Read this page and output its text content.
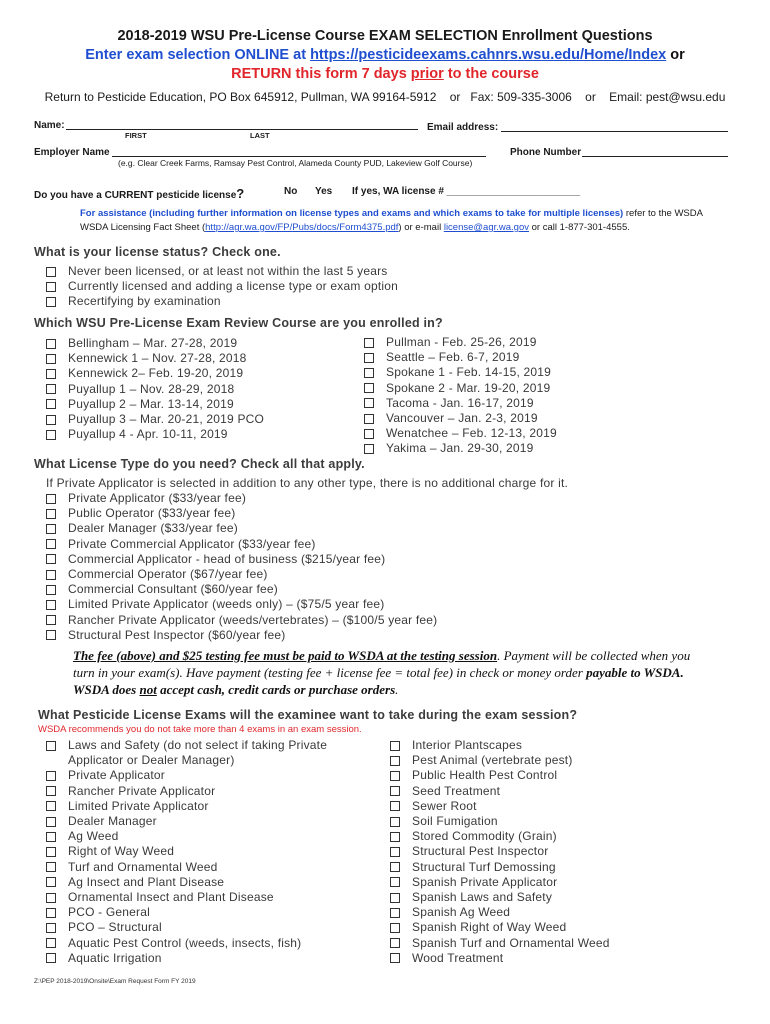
2018-2019 WSU Pre-License Course EXAM SELECTION Enrollment Questions
Enter exam selection ONLINE at https://pesticideexams.cahnrs.wsu.edu/Home/Index or
RETURN this form 7 days prior to the course
Return to Pesticide Education, PO Box 645912, Pullman, WA 99164-5912    or   Fax: 509-335-3006    or    Email: pest@wsu.edu
Name:
FIRST	LAST
Email address:
Employer Name	Phone Number
(e.g. Clear Creek Farms, Ramsay Pest Control, Alameda County PUD, Lakeview Golf Course)
Do you have a CURRENT pesticide license?	No Yes If yes, WA license # ________________________
For assistance (including further information on license types and exams and which exams to take for multiple licenses) refer to the WSDA WSDA Licensing Fact Sheet (http://agr.wa.gov/FP/Pubs/docs/Form4375.pdf) or e-mail license@agr.wa.gov or call 1-877-301-4555.
What is your license status? Check one.
Never been licensed, or at least not within the last 5 years
Currently licensed and adding a license type or exam option
Recertifying by examination
Which WSU Pre-License Exam Review Course are you enrolled in?
Bellingham – Mar. 27-28, 2019
Kennewick 1 – Nov. 27-28, 2018
Kennewick 2– Feb. 19-20, 2019
Puyallup 1 – Nov. 28-29, 2018
Puyallup 2 – Mar. 13-14, 2019
Puyallup 3 – Mar. 20-21, 2019 PCO
Puyallup 4 - Apr. 10-11, 2019
Pullman - Feb. 25-26, 2019
Seattle – Feb. 6-7, 2019
Spokane 1 - Feb. 14-15, 2019
Spokane 2 - Mar. 19-20, 2019
Tacoma - Jan. 16-17, 2019
Vancouver – Jan. 2-3, 2019
Wenatchee – Feb. 12-13, 2019
Yakima – Jan. 29-30, 2019
What License Type do you need? Check all that apply.
If Private Applicator is selected in addition to any other type, there is no additional charge for it.
Private Applicator ($33/year fee)
Public Operator ($33/year fee)
Dealer Manager ($33/year fee)
Private Commercial Applicator ($33/year fee)
Commercial Applicator - head of business ($215/year fee)
Commercial Operator ($67/year fee)
Commercial Consultant ($60/year fee)
Limited Private Applicator (weeds only) – ($75/5 year fee)
Rancher Private Applicator (weeds/vertebrates) – ($100/5 year fee)
Structural Pest Inspector ($60/year fee)
The fee (above) and $25 testing fee must be paid to WSDA at the testing session. Payment will be collected when you turn in your exam(s). Have payment (testing fee + license fee = total fee) in check or money order payable to WSDA. WSDA does not accept cash, credit cards or purchase orders.
What Pesticide License Exams will the examinee want to take during the exam session?
WSDA recommends you do not take more than 4 exams in an exam session.
Laws and Safety (do not select if taking Private Applicator or Dealer Manager)
Private Applicator
Rancher Private Applicator
Limited Private Applicator
Dealer Manager
Ag Weed
Right of Way Weed
Turf and Ornamental Weed
Ag Insect and Plant Disease
Ornamental Insect and Plant Disease
PCO - General
PCO – Structural
Aquatic Pest Control (weeds, insects, fish)
Aquatic Irrigation
Interior Plantscapes
Pest Animal (vertebrate pest)
Public Health Pest Control
Seed Treatment
Sewer Root
Soil Fumigation
Stored Commodity (Grain)
Structural Pest Inspector
Structural Turf Demossing
Spanish Private Applicator
Spanish Laws and Safety
Spanish Ag Weed
Spanish Right of Way Weed
Spanish Turf and Ornamental Weed
Wood Treatment
Z:\PEP 2018-2019\Onsite\Exam Request Form FY 2019
